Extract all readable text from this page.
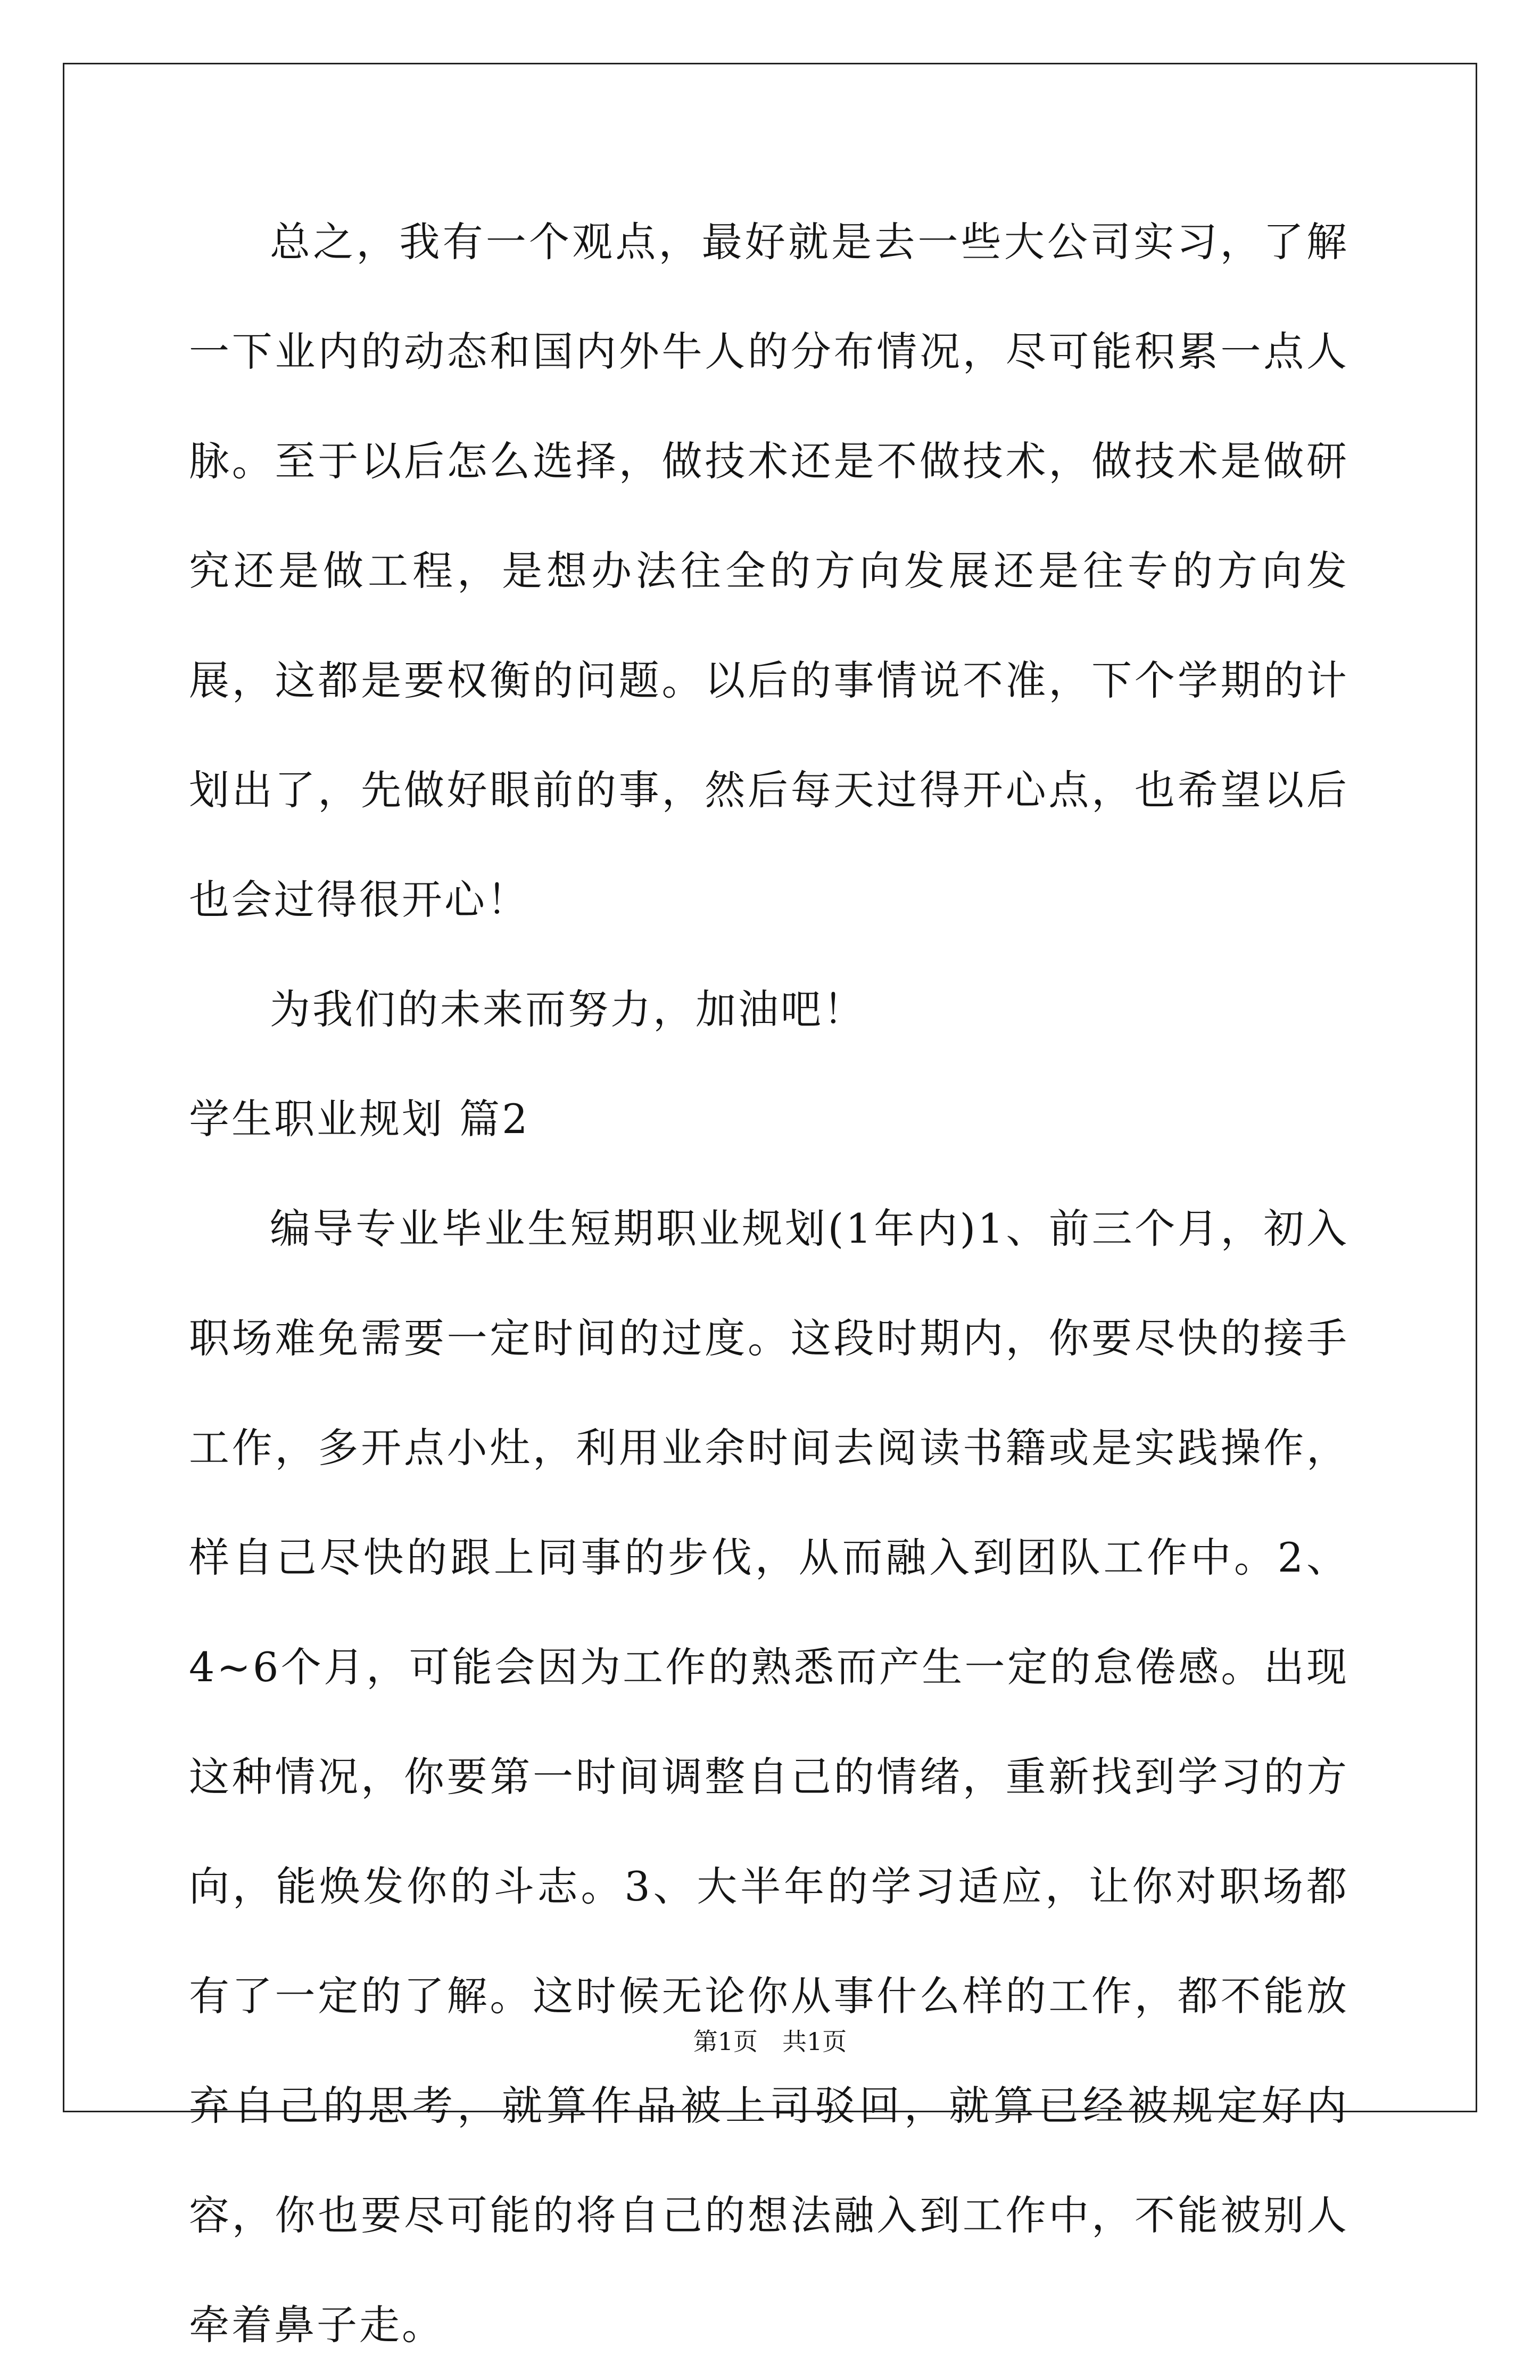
总之，我有一个观点，最好就是去一些大公司实习，了解一下业内的动态和国内外牛人的分布情况，尽可能积累一点人脉。至于以后怎么选择，做技术还是不做技术，做技术是做研究还是做工程，是想办法往全的方向发展还是往专的方向发展，这都是要权衡的问题。以后的事情说不准，下个学期的计划出了，先做好眼前的事，然后每天过得开心点，也希望以后也会过得很开心！

为我们的未来而努力，加油吧！

学生职业规划 篇2

编导专业毕业生短期职业规划(1年内)1、前三个月，初入职场难免需要一定时间的过度。这段时期内，你要尽快的接手工作，多开点小灶，利用业余时间去阅读书籍或是实践操作，样自己尽快的跟上同事的步伐，从而融入到团队工作中。2、4~6个月，可能会因为工作的熟悉而产生一定的怠倦感。出现这种情况，你要第一时间调整自己的情绪，重新找到学习的方向，能焕发你的斗志。3、大半年的学习适应，让你对职场都有了一定的了解。这时候无论你从事什么样的工作，都不能放弃自己的思考，就算作品被上司驳回，就算已经被规定好内容，你也要尽可能的将自己的想法融入到工作中，不能被别人牵着鼻子走。

第1页　共1页
